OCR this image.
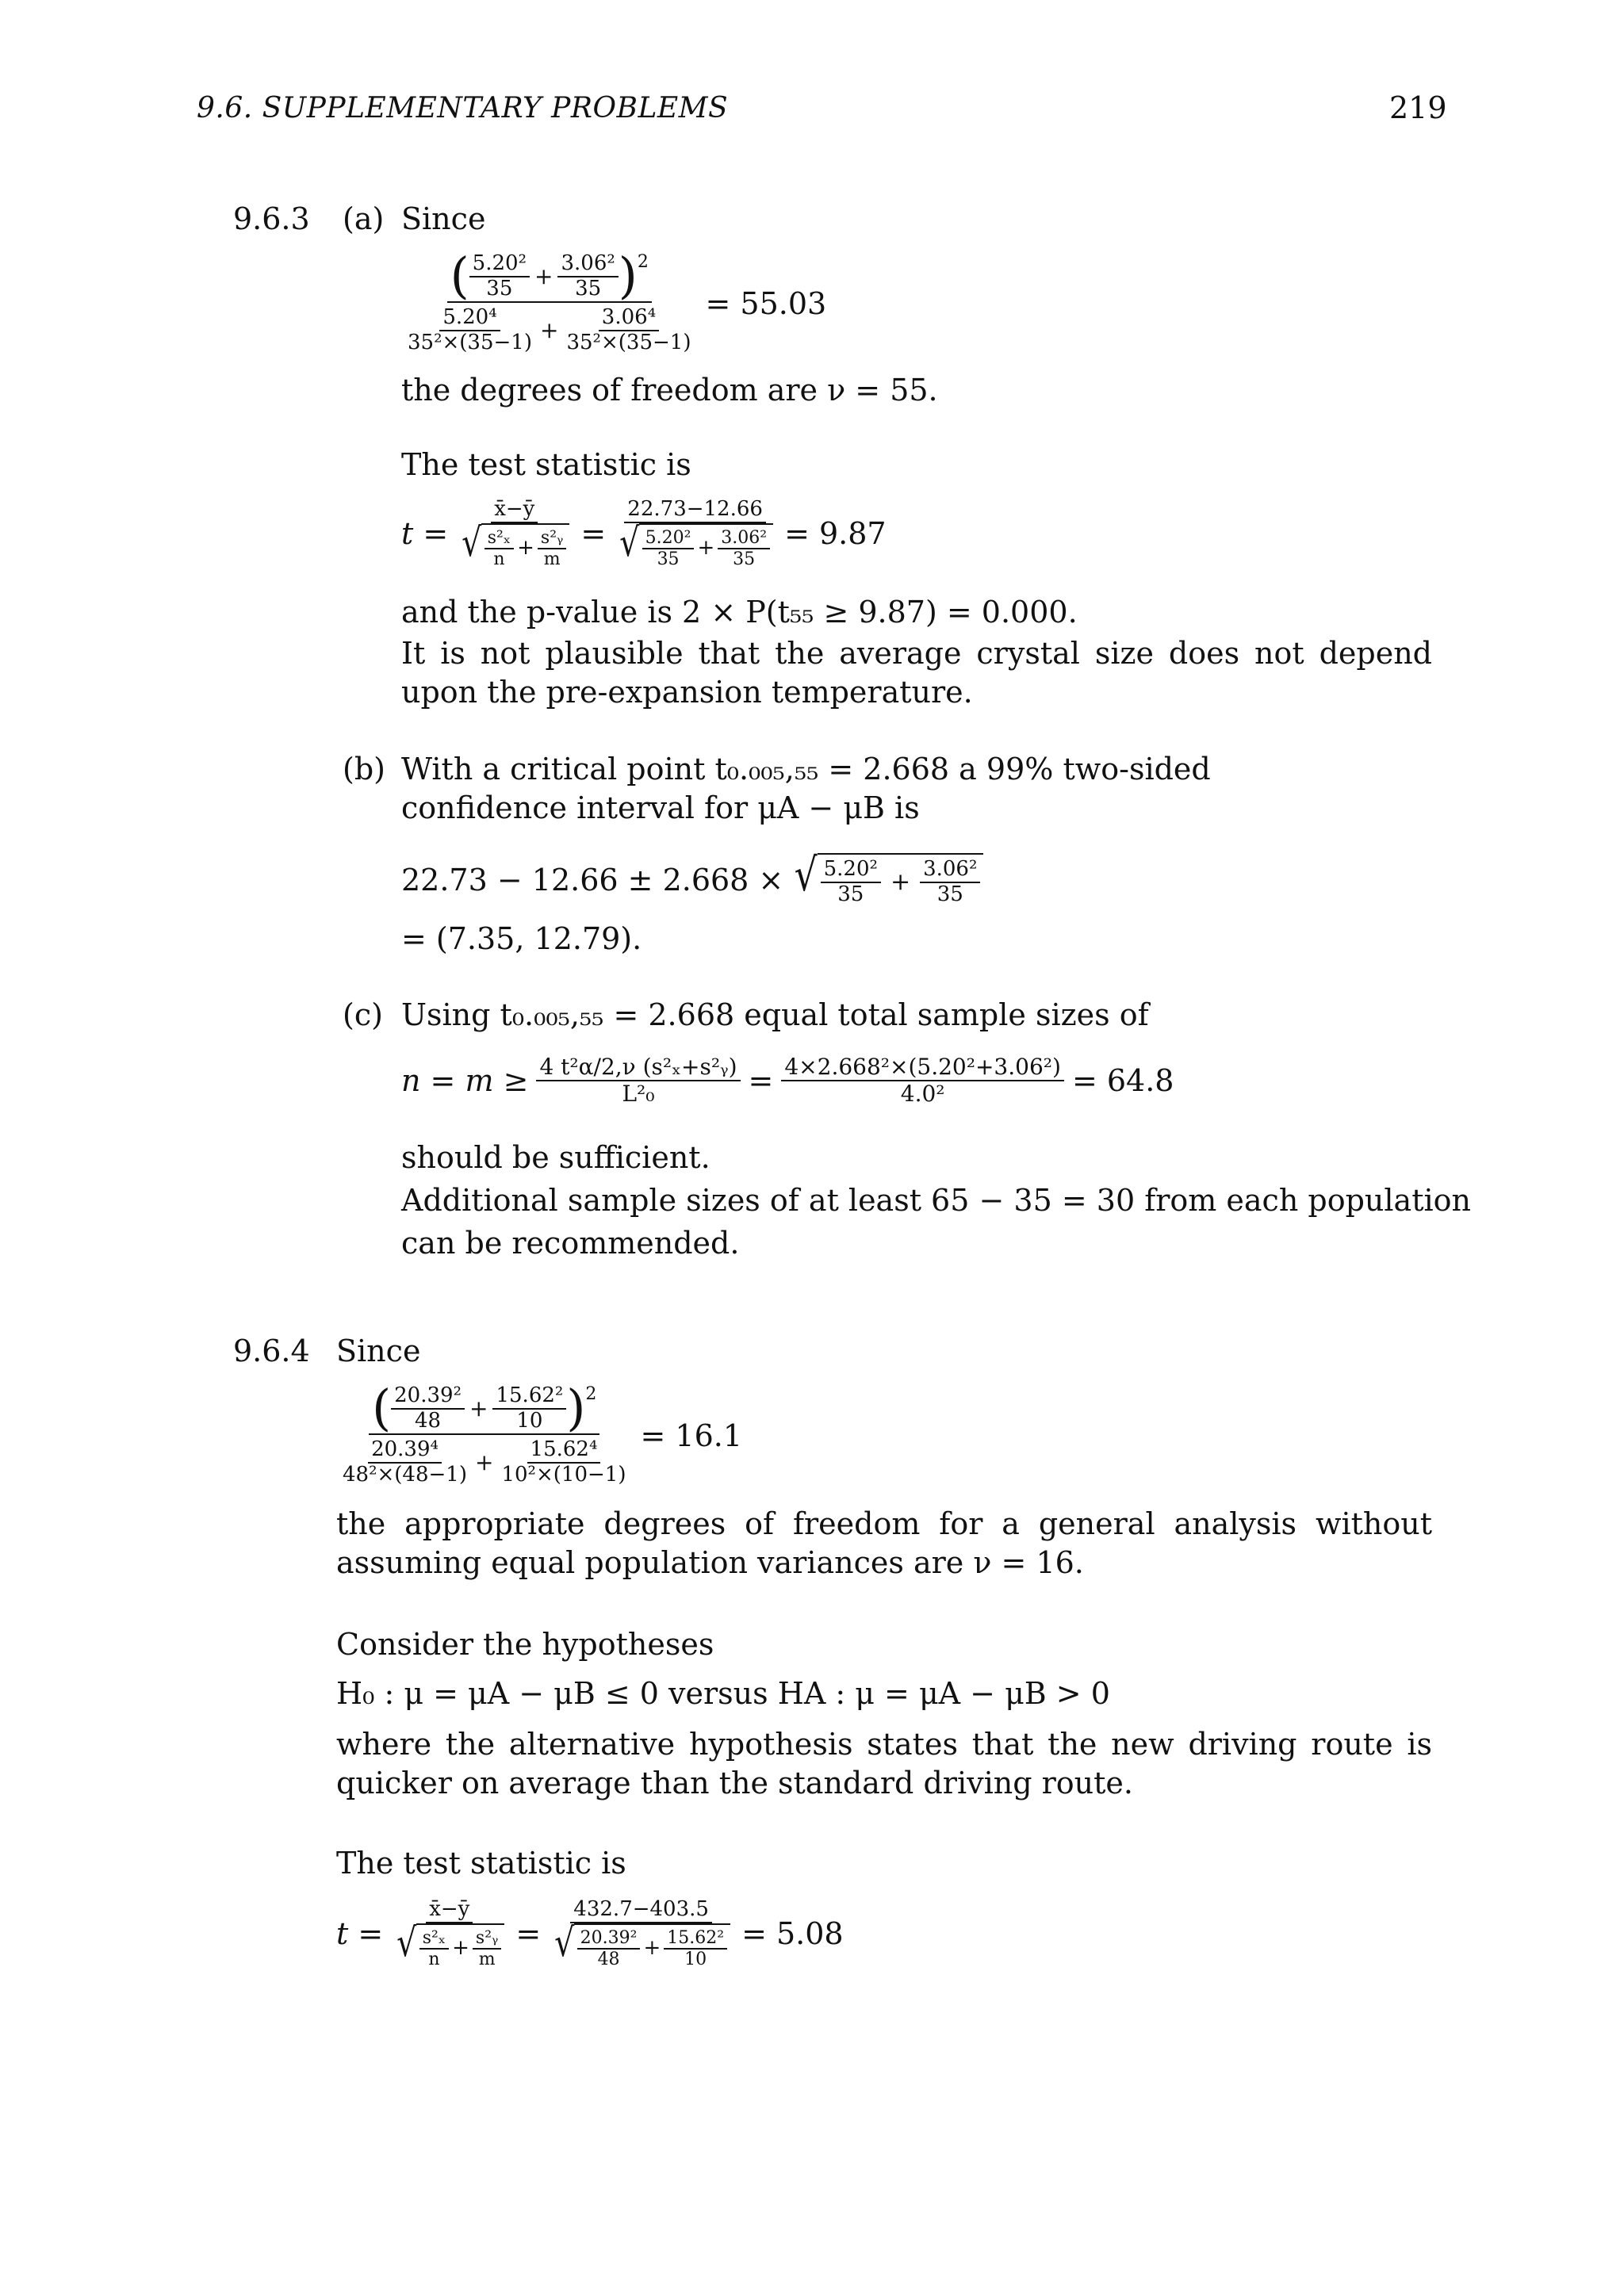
9.6. SUPPLEMENTARY PROBLEMS	219
9.6.3 (a) Since
$\frac{( \frac{\text{5.20²}}{35} + \frac{\text{3.06²}}{35} )^2}{\frac{\text{5.20⁴}}{\text{35²×(35−1)}} + \frac{\text{3.06⁴}}{\text{35²×(35−1)}}} = 55.03$
the degrees of freedom are ν = 55.
The test statistic is
$t = \frac{x̄-ȳ}{√ \frac{\text{s²ₓ}}{n} + \frac{\text{s²ᵧ}}{m}} = \frac{22.73-12.66}{√ \frac{\text{5.20²}}{35} + \frac{\text{3.06²}}{35}} = 9.87$
and the p-value is 2 × P(t₅₅ ≥ 9.87) = 0.000.
It is not plausible that the average crystal size does not depend upon the pre-expansion temperature.
(b) With a critical point t₀.₀₀₅,₅₅ = 2.668 a 99% two-sided confidence interval for μA − μB is
22.73 − 12.66 ± 2.668 × √ $\frac{\text{5.20²}}{35} + \frac{\text{3.06²}}{35}$
= (7.35, 12.79).
(c) Using t₀.₀₀₅,₅₅ = 2.668 equal total sample sizes of
$n = m \ge \frac{\text{4 t²α/2,ν (s²ₓ+s²ᵧ)}}{\text{L²₀}} = \frac{\text{4×2.668²×(5.20²+3.06²)}}{\text{4.0²}} = 64.8$
should be sufficient.
Additional sample sizes of at least 65 − 35 = 30 from each population
can be recommended.
9.6.4 Since
$\frac{( \frac{\text{20.39²}}{48} + \frac{\text{15.62²}}{10} )^2}{\frac{\text{20.39⁴}}{\text{48²×(48−1)}} + \frac{\text{15.62⁴}}{\text{10²×(10−1)}}} = 16.1$
the appropriate degrees of freedom for a general analysis without assuming equal population variances are ν = 16.
Consider the hypotheses
H₀ : μ = μA − μB ≤ 0 versus HA : μ = μA − μB > 0
where the alternative hypothesis states that the new driving route is quicker on average than the standard driving route.
The test statistic is
$t = \frac{x̄-ȳ}{√ \frac{\text{s²ₓ}}{n} + \frac{\text{s²ᵧ}}{m}} = \frac{432.7-403.5}{√ \frac{\text{20.39²}}{48} + \frac{\text{15.62²}}{10}} = 5.08$
